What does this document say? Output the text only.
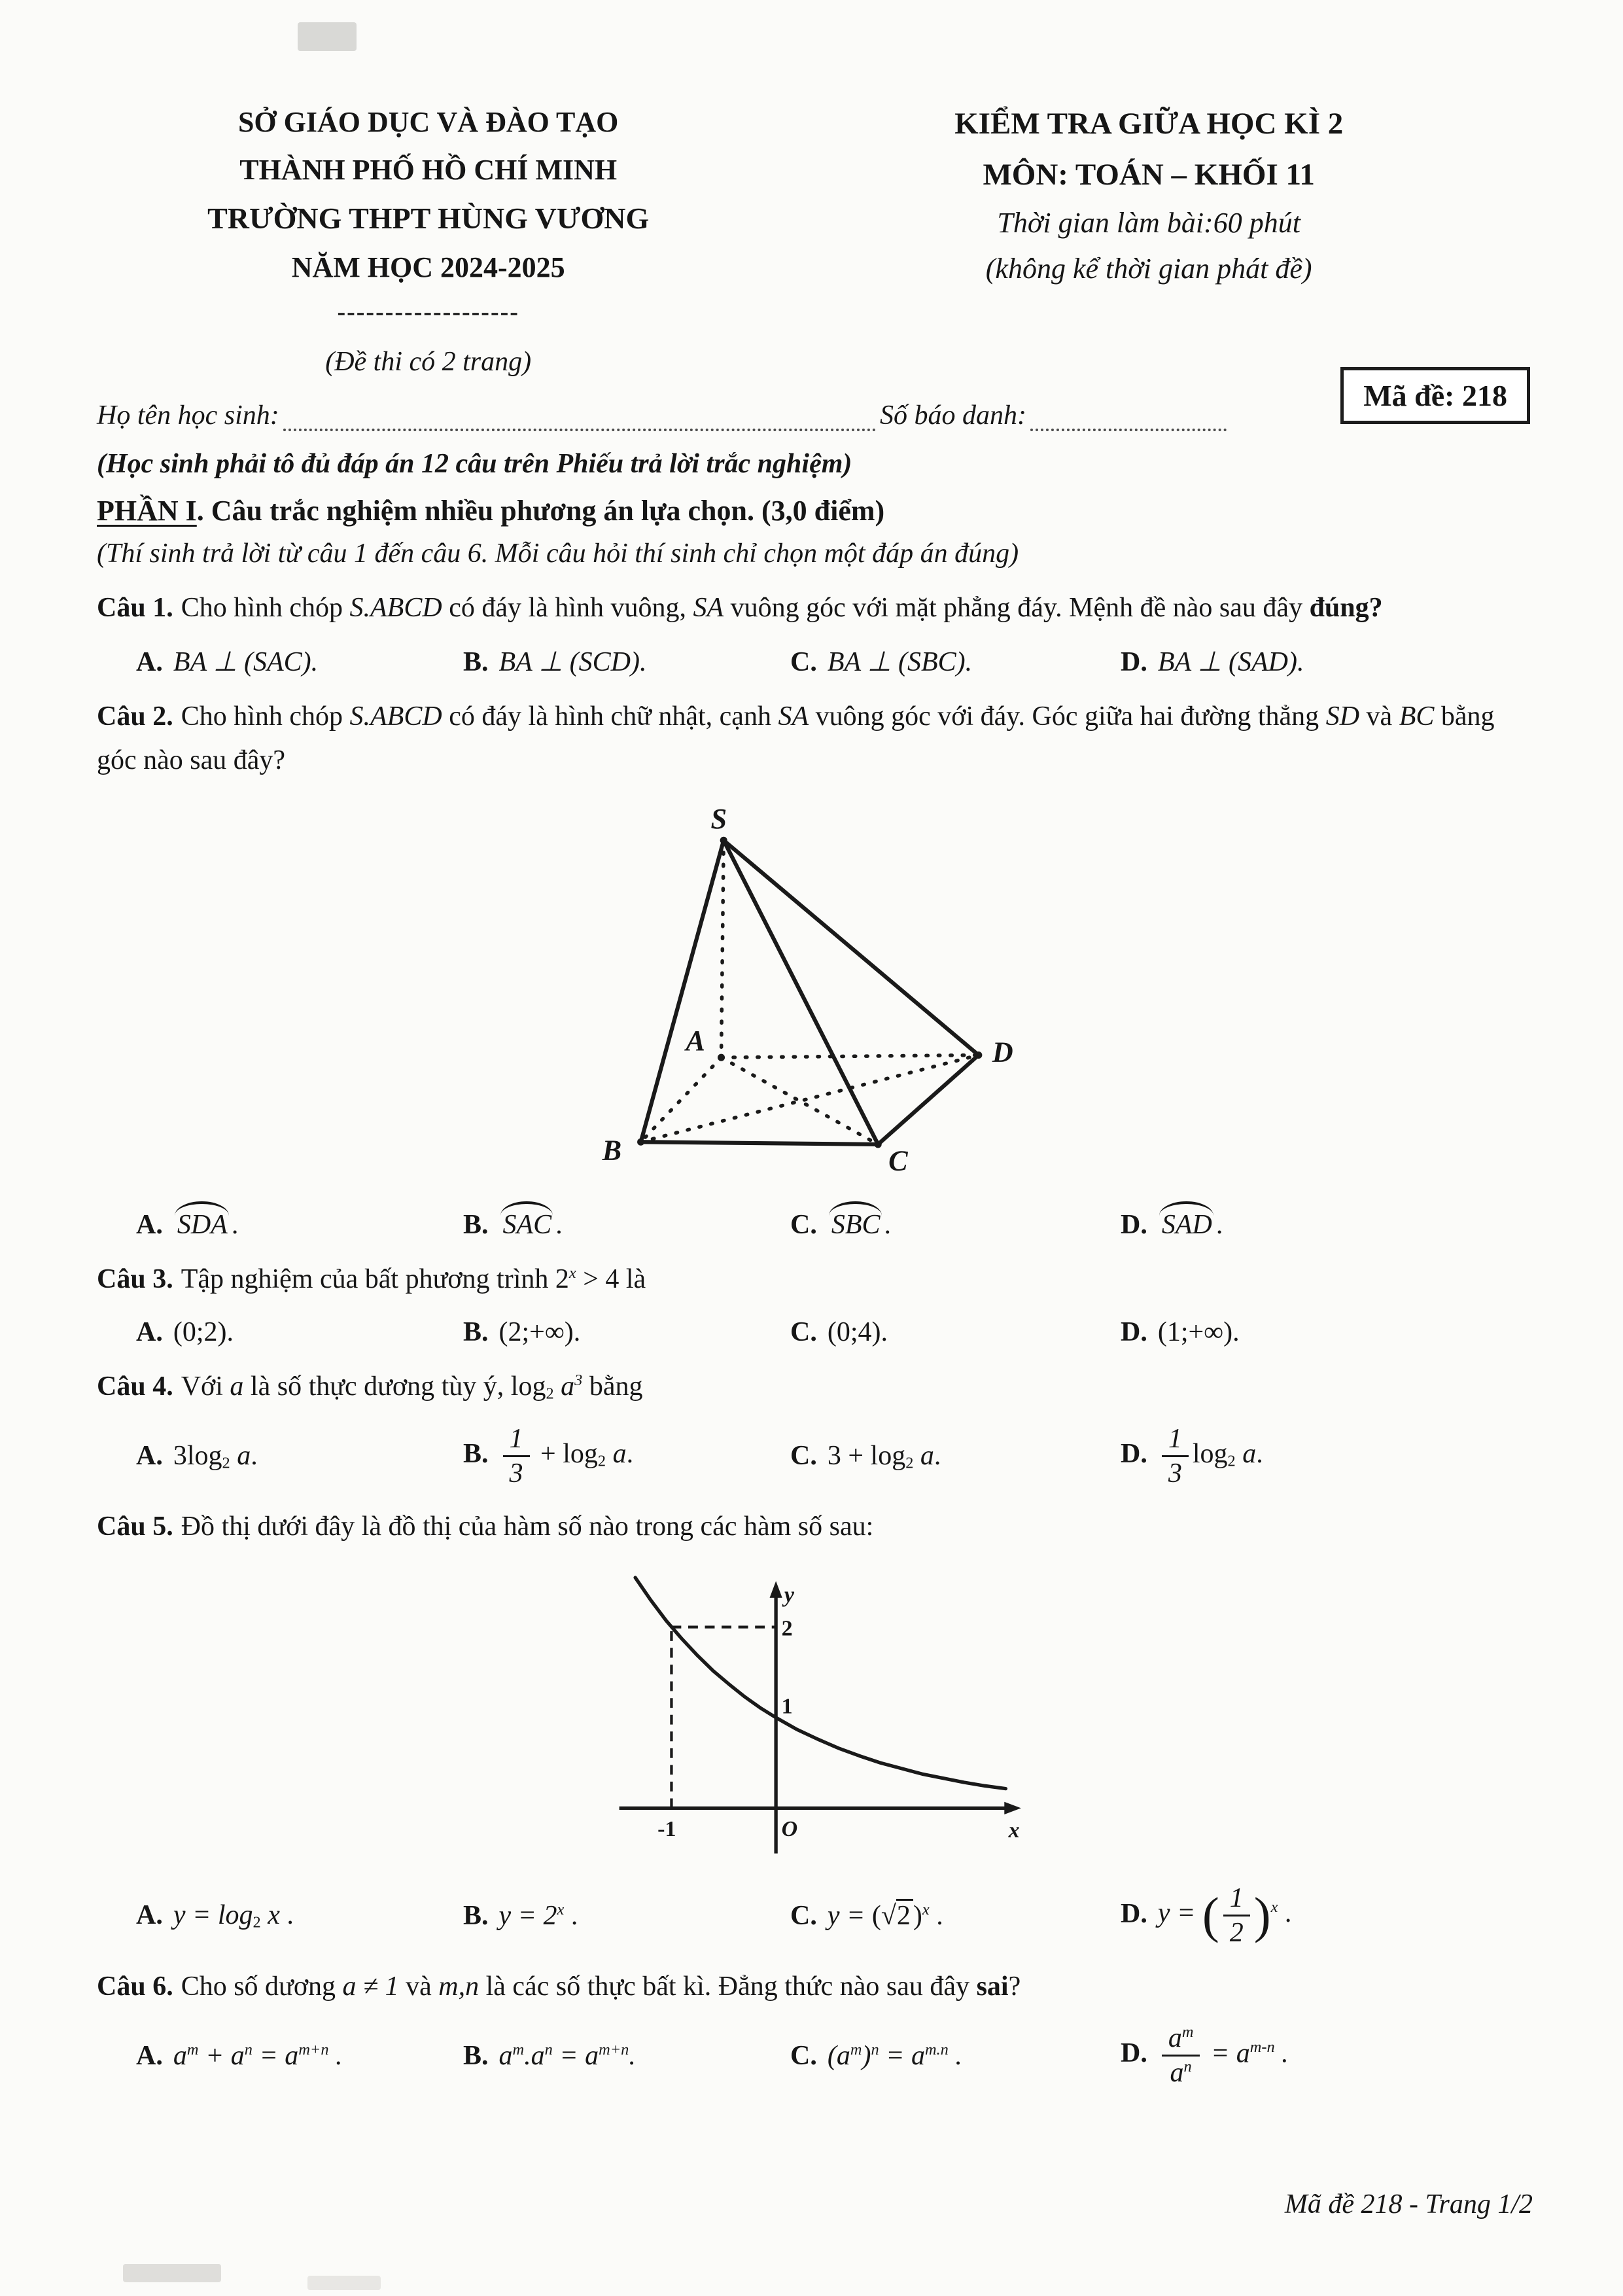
SỞ GIÁO DỤC VÀ ĐÀO TẠO
THÀNH PHỐ HỒ CHÍ MINH
TRƯỜNG THPT HÙNG VƯƠNG
NĂM HỌC 2024-2025
-------------------
(Đề thi có 2 trang)
KIỂM TRA GIỮA HỌC KÌ 2
MÔN: TOÁN – KHỐI 11
Thời gian làm bài:60 phút
(không kể thời gian phát đề)
Họ tên học sinh:	Số báo danh:
Mã đề: 218
(Học sinh phải tô đủ đáp án 12 câu trên Phiếu trả lời trắc nghiệm)
PHẦN I. Câu trắc nghiệm nhiều phương án lựa chọn. (3,0 điểm)
(Thí sinh trả lời từ câu 1 đến câu 6. Mỗi câu hỏi thí sinh chỉ chọn một đáp án đúng)
Câu 1. Cho hình chóp S.ABCD có đáy là hình vuông, SA vuông góc với mặt phẳng đáy. Mệnh đề nào sau đây đúng?
A. BA ⊥ (SAC).	B. BA ⊥ (SCD).	C. BA ⊥ (SBC).	D. BA ⊥ (SAD).
Câu 2. Cho hình chóp S.ABCD có đáy là hình chữ nhật, cạnh SA vuông góc với đáy. Góc giữa hai đường thẳng SD và BC bằng góc nào sau đây?
S
A
B	C
D
A. SDA .	B. SAC .	C. SBC .	D. SAD .
Câu 3. Tập nghiệm của bất phương trình $2^x > 4$ là
A. (0;2).	B. (2;+∞).	C. (0;4).	D. (1;+∞).
Câu 4. Với a là số thực dương tùy ý, $\log_2 a^3$ bằng
A. $3\log_2$ a.	B. $\frac{1}{3} + \log_2 a$.	C. $3 + \log_2 a$.	D. $\frac{1}{3} \log_2 a$.
Câu 5. Đồ thị dưới đây là đồ thị của hàm số nào trong các hàm số sau:
y
2
1
-1	O	x
A. $y = \log_2 x$ .	B. $y = 2^x$ .	C. $y = (√2)^x$ .	D. y = ( $\frac{1}{2} )^x$ .
Câu 6. Cho số dương a ≠ 1 và m,n là các số thực bất kì. Đẳng thức nào sau đây sai?
A. $a^m + a^n = a^{m+n}$ .	B. $a^m.a^n = a^{m+n}$.	C. $(a^m)^n = a^{m.n}$ .	D. $\frac{a^m}{a^n} = a^{m-n}$ .
Mã đề 218 - Trang 1/2
